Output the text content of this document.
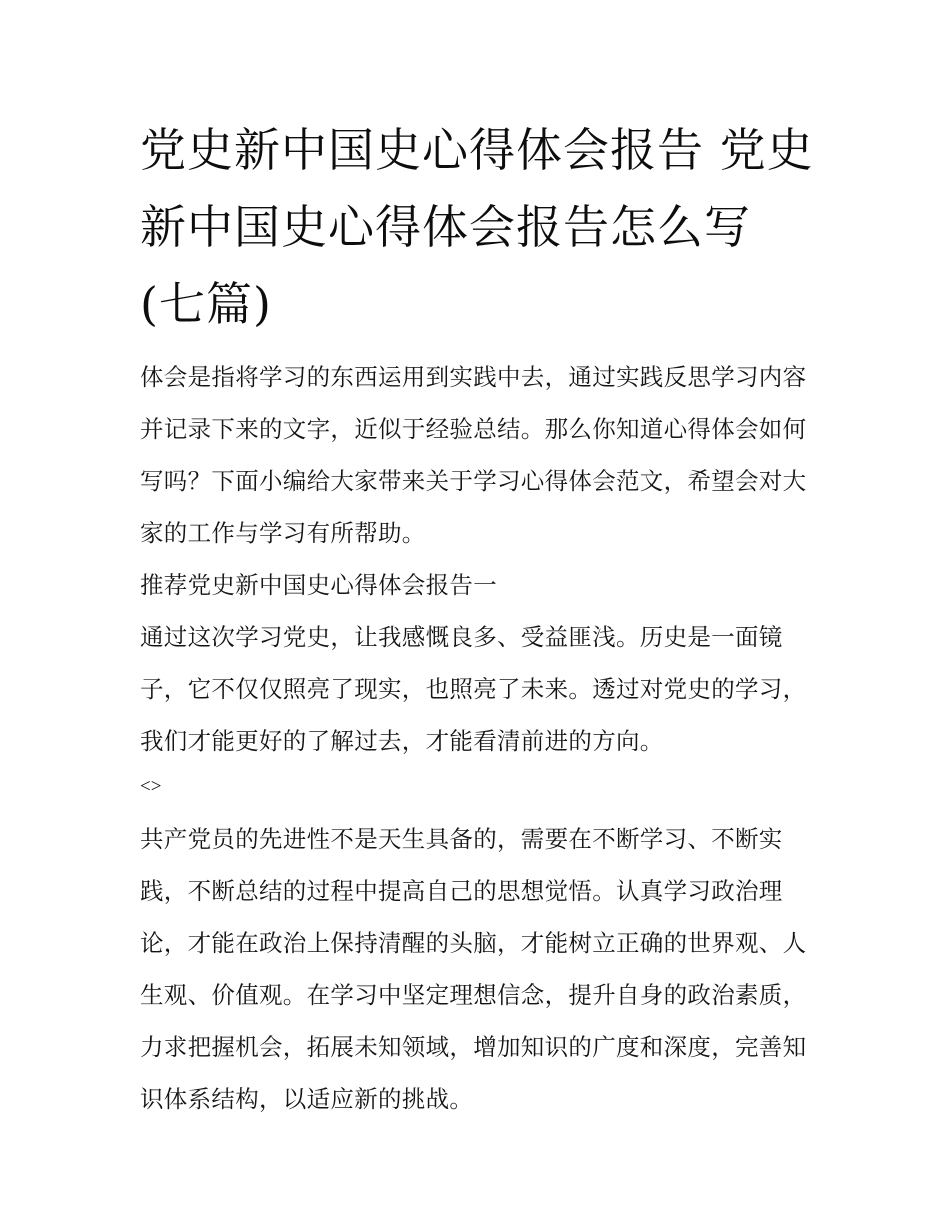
党史新中国史心得体会报告 党史新中国史心得体会报告怎么写(七篇)

体会是指将学习的东西运用到实践中去，通过实践反思学习内容并记录下来的文字，近似于经验总结。那么你知道心得体会如何写吗？下面小编给大家带来关于学习心得体会范文，希望会对大家的工作与学习有所帮助。

推荐党史新中国史心得体会报告一

通过这次学习党史，让我感慨良多、受益匪浅。历史是一面镜子，它不仅仅照亮了现实，也照亮了未来。透过对党史的学习，我们才能更好的了解过去，才能看清前进的方向。

<>

共产党员的先进性不是天生具备的，需要在不断学习、不断实践，不断总结的过程中提高自己的思想觉悟。认真学习政治理论，才能在政治上保持清醒的头脑，才能树立正确的世界观、人生观、价值观。在学习中坚定理想信念，提升自身的政治素质，力求把握机会，拓展未知领域，增加知识的广度和深度，完善知识体系结构，以适应新的挑战。
